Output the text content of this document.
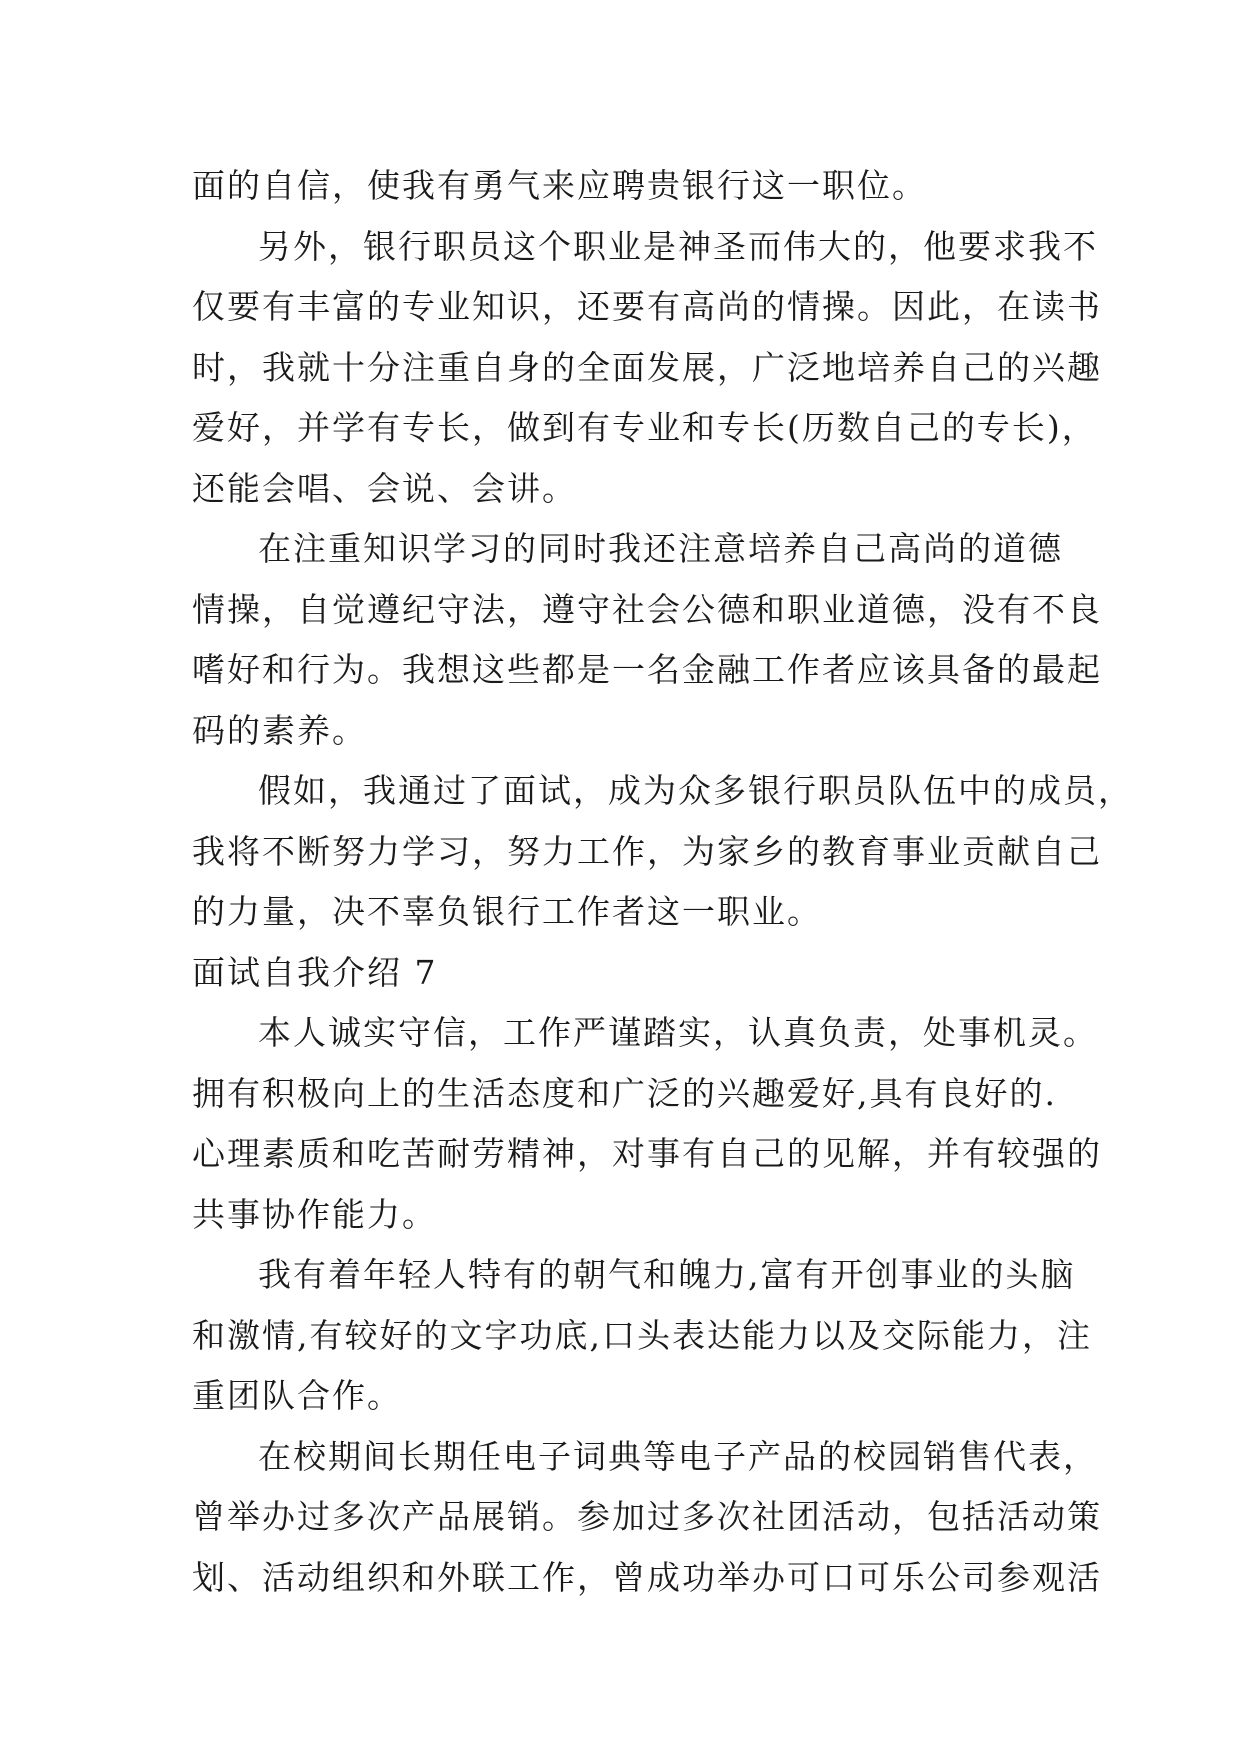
面的自信，使我有勇气来应聘贵银行这一职位。
另外，银行职员这个职业是神圣而伟大的，他要求我不
仅要有丰富的专业知识，还要有高尚的情操。因此，在读书
时，我就十分注重自身的全面发展，广泛地培养自己的兴趣
爱好，并学有专长，做到有专业和专长(历数自己的专长)，
还能会唱、会说、会讲。
在注重知识学习的同时我还注意培养自己高尚的道德
情操，自觉遵纪守法，遵守社会公德和职业道德，没有不良
嗜好和行为。我想这些都是一名金融工作者应该具备的最起
码的素养。
假如，我通过了面试，成为众多银行职员队伍中的成员，
我将不断努力学习，努力工作，为家乡的教育事业贡献自己
的力量，决不辜负银行工作者这一职业。
面试自我介绍 7
本人诚实守信，工作严谨踏实，认真负责，处事机灵。
拥有积极向上的生活态度和广泛的兴趣爱好,具有良好的.
心理素质和吃苦耐劳精神，对事有自己的见解，并有较强的
共事协作能力。
我有着年轻人特有的朝气和魄力,富有开创事业的头脑
和激情,有较好的文字功底,口头表达能力以及交际能力，注
重团队合作。
在校期间长期任电子词典等电子产品的校园销售代表，
曾举办过多次产品展销。参加过多次社团活动，包括活动策
划、活动组织和外联工作，曾成功举办可口可乐公司参观活
